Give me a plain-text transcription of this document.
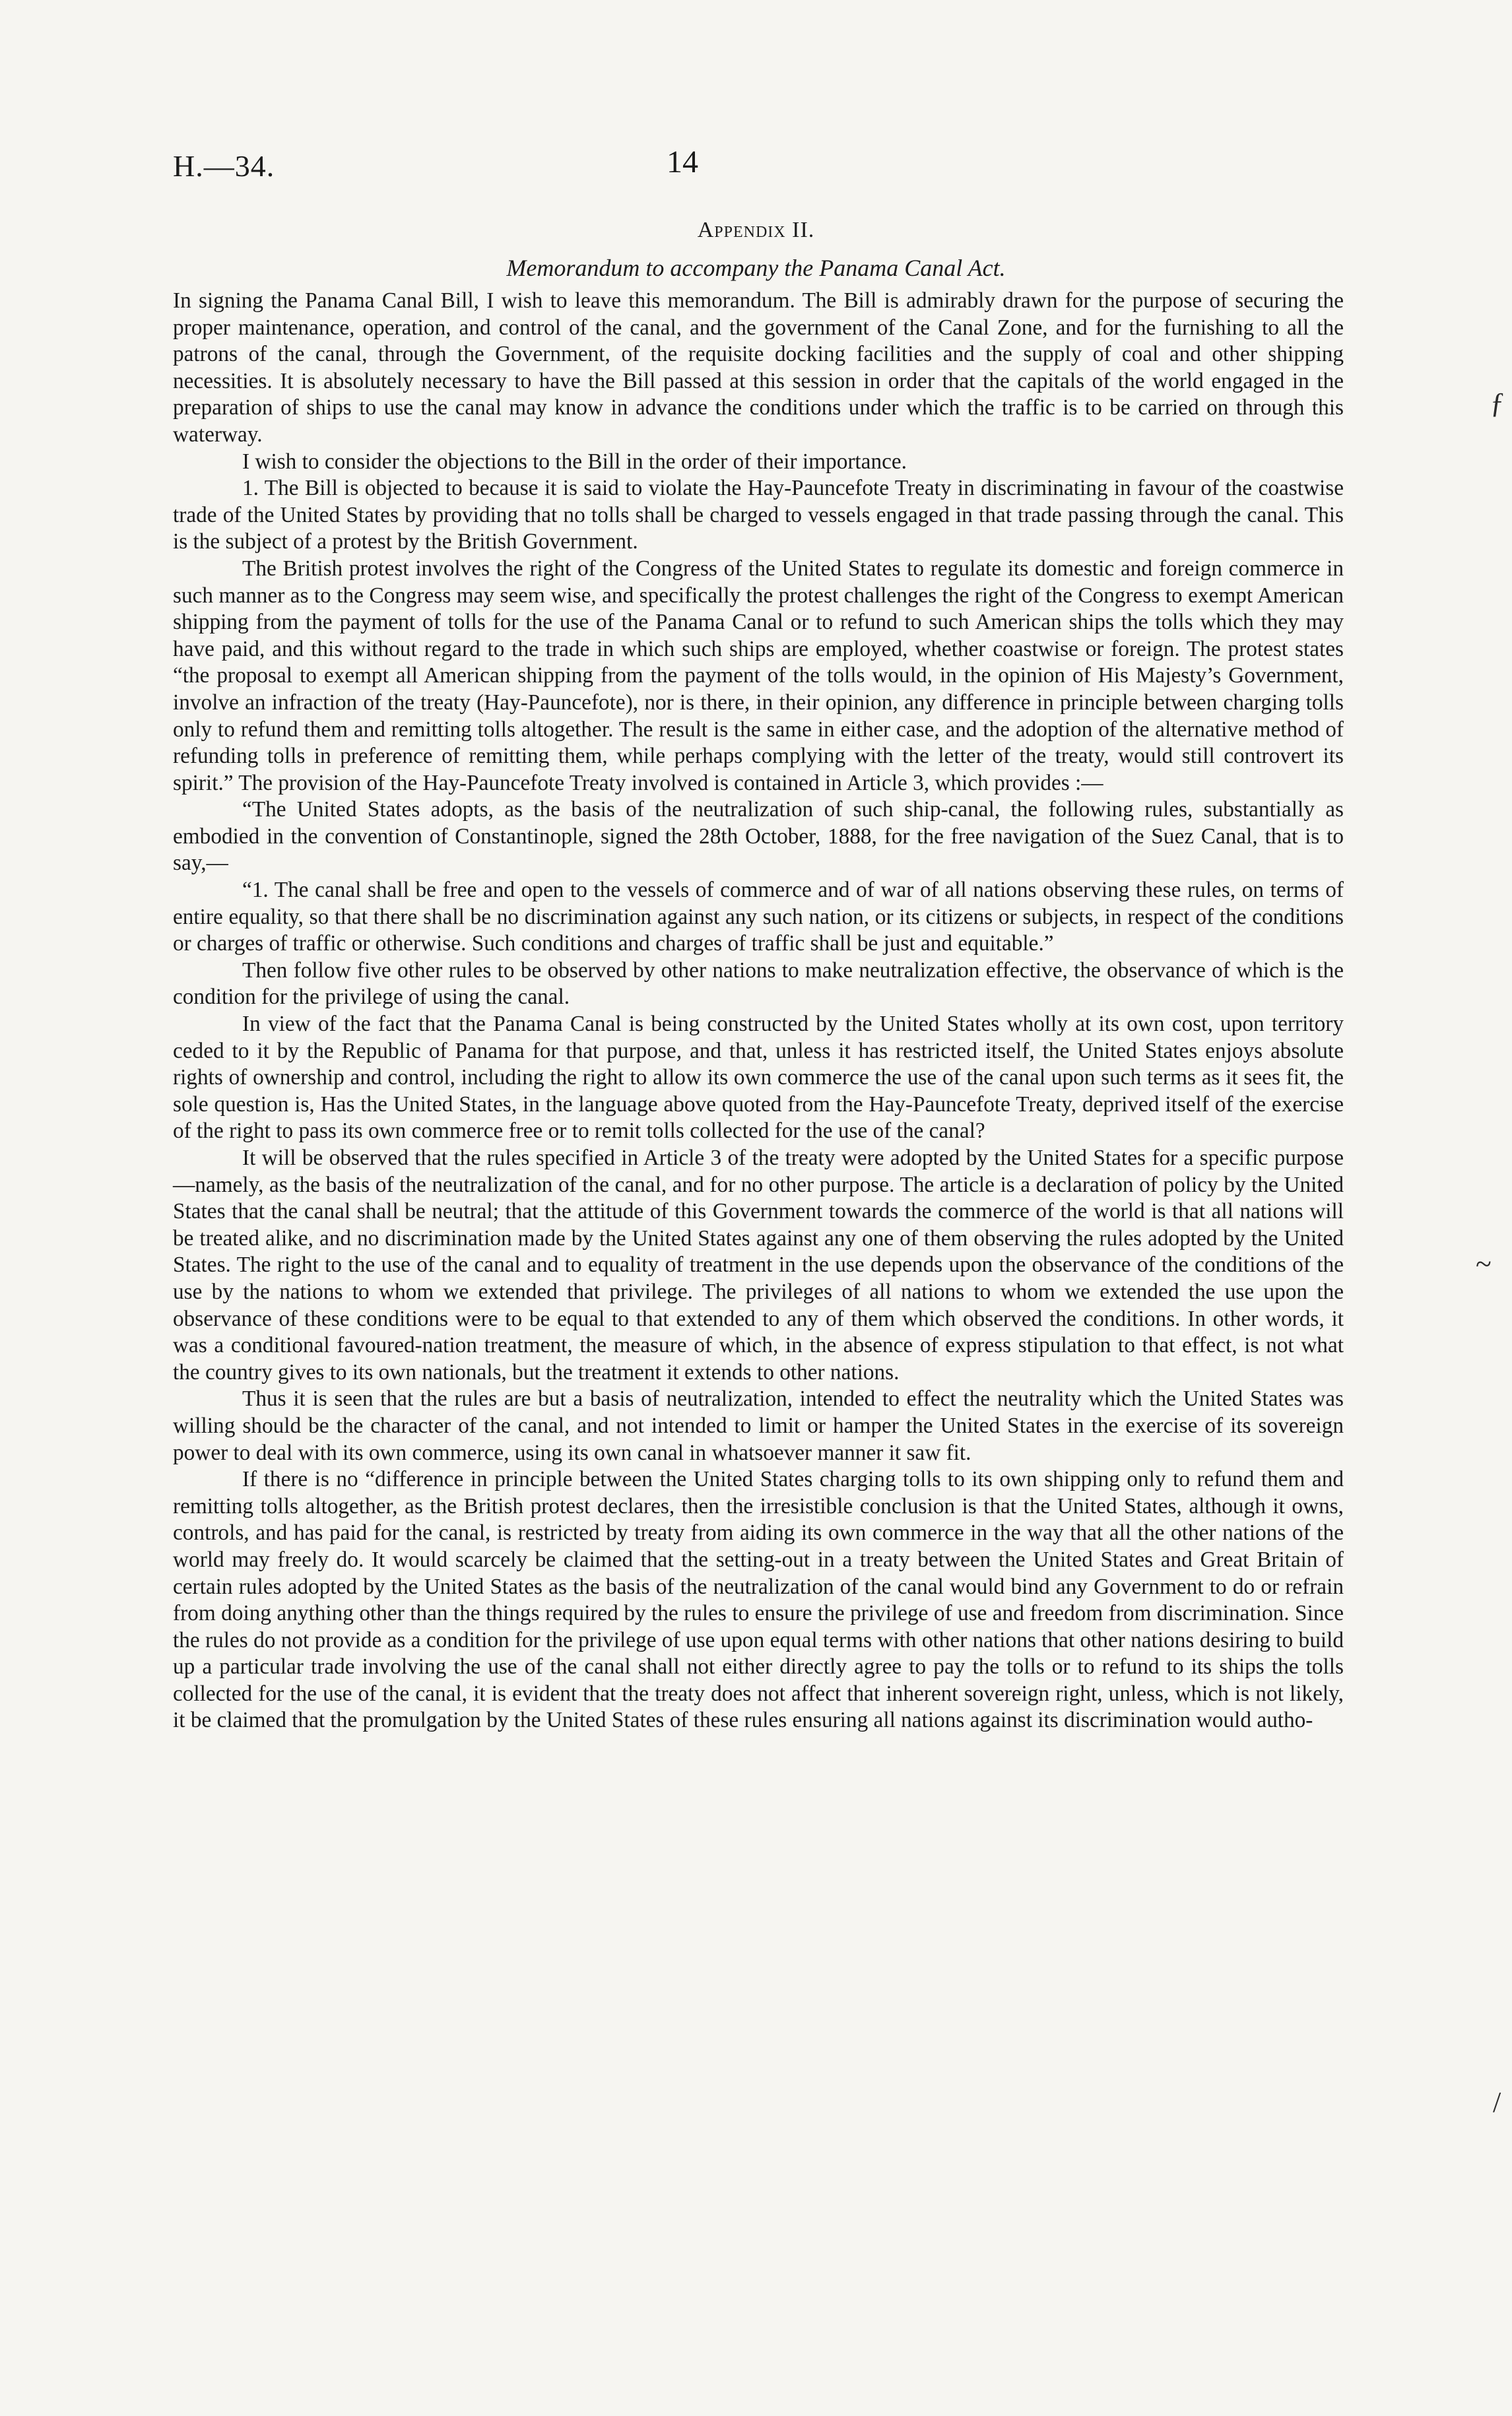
H.—34.	14
Appendix II.
Memorandum to accompany the Panama Canal Act.

In signing the Panama Canal Bill, I wish to leave this memorandum. The Bill is admirably drawn for the purpose of securing the proper maintenance, operation, and control of the canal, and the government of the Canal Zone, and for the furnishing to all the patrons of the canal, through the Government, of the requisite docking facilities and the supply of coal and other shipping necessities. It is absolutely necessary to have the Bill passed at this session in order that the capitals of the world engaged in the preparation of ships to use the canal may know in advance the conditions under which the traffic is to be carried on through this waterway.

I wish to consider the objections to the Bill in the order of their importance.

1. The Bill is objected to because it is said to violate the Hay-Pauncefote Treaty in discriminating in favour of the coastwise trade of the United States by providing that no tolls shall be charged to vessels engaged in that trade passing through the canal. This is the subject of a protest by the British Government.

The British protest involves the right of the Congress of the United States to regulate its domestic and foreign commerce in such manner as to the Congress may seem wise, and specifically the protest challenges the right of the Congress to exempt American shipping from the payment of tolls for the use of the Panama Canal or to refund to such American ships the tolls which they may have paid, and this without regard to the trade in which such ships are employed, whether coastwise or foreign. The protest states “the proposal to exempt all American shipping from the payment of the tolls would, in the opinion of His Majesty’s Government, involve an infraction of the treaty (Hay-Pauncefote), nor is there, in their opinion, any difference in principle between charging tolls only to refund them and remitting tolls altogether. The result is the same in either case, and the adoption of the alternative method of refunding tolls in preference of remitting them, while perhaps complying with the letter of the treaty, would still controvert its spirit.” The provision of the Hay-Pauncefote Treaty involved is contained in Article 3, which provides :—

“The United States adopts, as the basis of the neutralization of such ship-canal, the following rules, substantially as embodied in the convention of Constantinople, signed the 28th October, 1888, for the free navigation of the Suez Canal, that is to say,—

“1. The canal shall be free and open to the vessels of commerce and of war of all nations observing these rules, on terms of entire equality, so that there shall be no discrimination against any such nation, or its citizens or subjects, in respect of the conditions or charges of traffic or otherwise. Such conditions and charges of traffic shall be just and equitable.”

Then follow five other rules to be observed by other nations to make neutralization effective, the observance of which is the condition for the privilege of using the canal.

In view of the fact that the Panama Canal is being constructed by the United States wholly at its own cost, upon territory ceded to it by the Republic of Panama for that purpose, and that, unless it has restricted itself, the United States enjoys absolute rights of ownership and control, including the right to allow its own commerce the use of the canal upon such terms as it sees fit, the sole question is, Has the United States, in the language above quoted from the Hay-Pauncefote Treaty, deprived itself of the exercise of the right to pass its own commerce free or to remit tolls collected for the use of the canal?

It will be observed that the rules specified in Article 3 of the treaty were adopted by the United States for a specific purpose—namely, as the basis of the neutralization of the canal, and for no other purpose. The article is a declaration of policy by the United States that the canal shall be neutral; that the attitude of this Government towards the commerce of the world is that all nations will be treated alike, and no discrimination made by the United States against any one of them observing the rules adopted by the United States. The right to the use of the canal and to equality of treatment in the use depends upon the observance of the conditions of the use by the nations to whom we extended that privilege. The privileges of all nations to whom we extended the use upon the observance of these conditions were to be equal to that extended to any of them which observed the conditions. In other words, it was a conditional favoured-nation treatment, the measure of which, in the absence of express stipulation to that effect, is not what the country gives to its own nationals, but the treatment it extends to other nations.

Thus it is seen that the rules are but a basis of neutralization, intended to effect the neutrality which the United States was willing should be the character of the canal, and not intended to limit or hamper the United States in the exercise of its sovereign power to deal with its own commerce, using its own canal in whatsoever manner it saw fit.

If there is no “difference in principle between the United States charging tolls to its own shipping only to refund them and remitting tolls altogether, as the British protest declares, then the irresistible conclusion is that the United States, although it owns, controls, and has paid for the canal, is restricted by treaty from aiding its own commerce in the way that all the other nations of the world may freely do. It would scarcely be claimed that the setting-out in a treaty between the United States and Great Britain of certain rules adopted by the United States as the basis of the neutralization of the canal would bind any Government to do or refrain from doing anything other than the things required by the rules to ensure the privilege of use and freedom from discrimination. Since the rules do not provide as a condition for the privilege of use upon equal terms with other nations that other nations desiring to build up a particular trade involving the use of the canal shall not either directly agree to pay the tolls or to refund to its ships the tolls collected for the use of the canal, it is evident that the treaty does not affect that inherent sovereign right, unless, which is not likely, it be claimed that the promulgation by the United States of these rules ensuring all nations against its discrimination would autho-

ƒ
~
/
